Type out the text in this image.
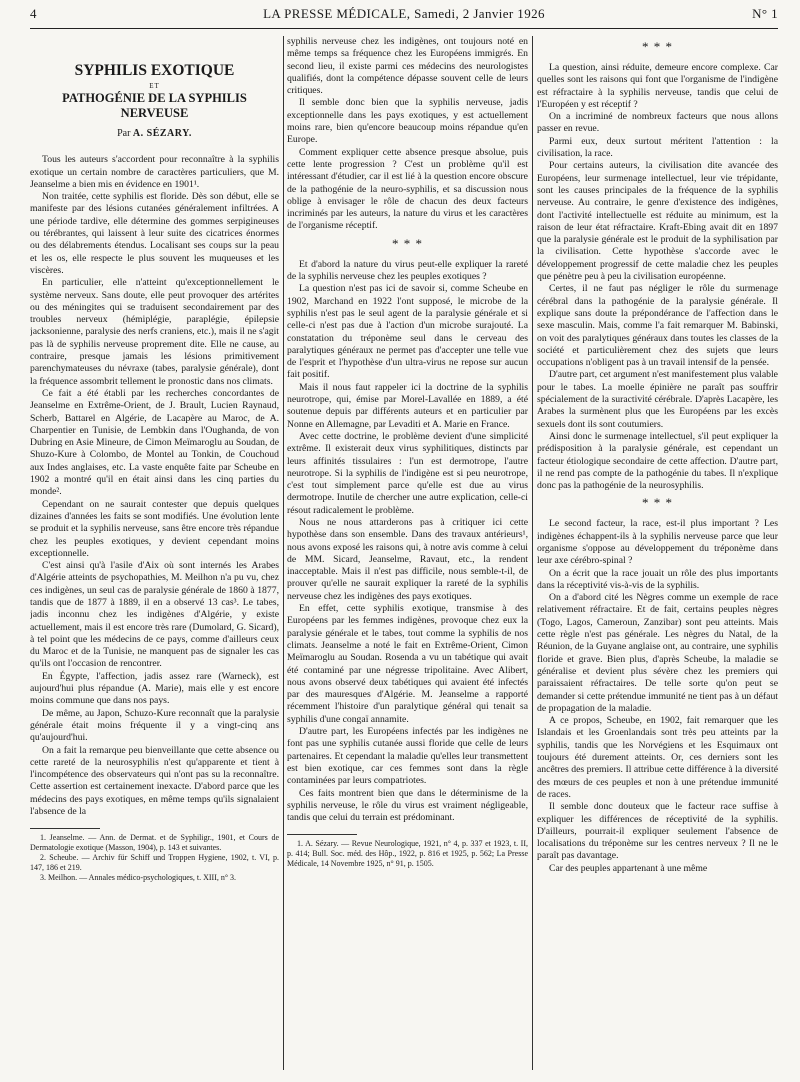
4	LA PRESSE MÉDICALE, Samedi, 2 Janvier 1926	N° 1
SYPHILIS EXOTIQUE
ET
PATHOGÉNIE DE LA SYPHILIS NERVEUSE
Par A. SÉZARY.

Tous les auteurs s'accordent pour reconnaître à la syphilis exotique un certain nombre de caractères particuliers, que M. Jeanselme a bien mis en évidence en 1901¹.

Non traitée, cette syphilis est floride. Dès son début, elle se manifeste par des lésions cutanées généralement infiltrées. A une période tardive, elle détermine des gommes serpigineuses ou térébrantes, qui laissent à leur suite des cicatrices énormes ou des délabrements étendus. Localisant ses coups sur la peau et les os, elle respecte le plus souvent les muqueuses et les viscères.

En particulier, elle n'atteint qu'exceptionnellement le système nerveux. Sans doute, elle peut provoquer des artérites ou des méningites qui se traduisent secondairement par des troubles nerveux (hémiplégie, paraplégie, épilepsie jacksonienne, paralysie des nerfs craniens, etc.), mais il ne s'agit pas là de syphilis nerveuse proprement dite. Elle ne cause, au contraire, presque jamais les lésions primitivement parenchymateuses du névraxe (tabes, paralysie générale), dont la fréquence assombrit tellement le pronostic dans nos climats.

Ce fait a été établi par les recherches concordantes de Jeanselme en Extrême-Orient, de J. Brault, Lucien Raynaud, Scherb, Battarel en Algérie, de Lacapère au Maroc, de A. Charpentier en Tunisie, de Lembkin dans l'Oughanda, de von Dubring en Asie Mineure, de Cimon Meïmaroglu au Soudan, de Shuzo-Kure à Colombo, de Montel au Tonkin, de Couchoud aux Indes anglaises, etc. La vaste enquête faite par Scheube en 1902 a montré qu'il en était ainsi dans les cinq parties du monde².

Cependant on ne saurait contester que depuis quelques dizaines d'années les faits se sont modifiés. Une évolution lente se produit et la syphilis nerveuse, sans être encore très répandue chez les peuples exotiques, y devient cependant moins exceptionnelle.

C'est ainsi qu'à l'asile d'Aix où sont internés les Arabes d'Algérie atteints de psychopathies, M. Meilhon n'a pu vu, chez ces indigènes, un seul cas de paralysie générale de 1860 à 1877, tandis que de 1877 à 1889, il en a observé 13 cas³. Le tabes, jadis inconnu chez les indigènes d'Algérie, y existe actuellement, mais il est encore très rare (Dumolard, G. Sicard), à tel point que les médecins de ce pays, comme d'ailleurs ceux du Maroc et de la Tunisie, ne manquent pas de signaler les cas qu'ils ont l'occasion de rencontrer.

En Égypte, l'affection, jadis assez rare (Warneck), est aujourd'hui plus répandue (A. Marie), mais elle y est encore moins commune que dans nos pays.

De même, au Japon, Schuzo-Kure reconnaît que la paralysie générale était moins fréquente il y a vingt-cinq ans qu'aujourd'hui.

On a fait la remarque peu bienveillante que cette absence ou cette rareté de la neurosyphilis n'est qu'apparente et tient à l'incompétence des observateurs qui n'ont pas su la reconnaître. Cette assertion est certainement inexacte. D'abord parce que les médecins des pays exotiques, en même temps qu'ils signalaient l'absence de la

1. Jeanselme. — Ann. de Dermat. et de Syphiligr., 1901, et Cours de Dermatologie exotique (Masson, 1904), p. 143 et suivantes.

2. Scheube. — Archiv für Schiff und Troppen Hygiene, 1902, t. VI, p. 147, 186 et 219.

3. Meilhon. — Annales médico-psychologiques, t. XIII, n° 3.

syphilis nerveuse chez les indigènes, ont toujours noté en même temps sa fréquence chez les Européens immigrés. En second lieu, il existe parmi ces médecins des neurologistes qualifiés, dont la compétence dépasse souvent celle de leurs critiques.

Il semble donc bien que la syphilis nerveuse, jadis exceptionnelle dans les pays exotiques, y est actuellement moins rare, bien qu'encore beaucoup moins répandue qu'en Europe.

Comment expliquer cette absence presque absolue, puis cette lente progression ? C'est un problème qu'il est intéressant d'étudier, car il est lié à la question encore obscure de la pathogénie de la neuro-syphilis, et sa discussion nous oblige à envisager le rôle de chacun des deux facteurs incriminés par les auteurs, la nature du virus et les caractères de l'organisme réceptif.

* * *

Et d'abord la nature du virus peut-elle expliquer la rareté de la syphilis nerveuse chez les peuples exotiques ?

La question n'est pas ici de savoir si, comme Scheube en 1902, Marchand en 1922 l'ont supposé, le microbe de la syphilis n'est pas le seul agent de la paralysie générale et si celle-ci n'est pas due à l'action d'un microbe surajouté. La constatation du tréponème seul dans le cerveau des paralytiques généraux ne permet pas d'accepter une telle vue de l'esprit et l'hypothèse d'un ultra-virus ne repose sur aucun fait positif.

Mais il nous faut rappeler ici la doctrine de la syphilis neurotrope, qui, émise par Morel-Lavallée en 1889, a été soutenue depuis par différents auteurs et en particulier par Nonne en Allemagne, par Levaditi et A. Marie en France.

Avec cette doctrine, le problème devient d'une simplicité extrême. Il existerait deux virus syphilitiques, distincts par leurs affinités tissulaires : l'un est dermotrope, l'autre neurotrope. Si la syphilis de l'indigène est si peu neurotrope, c'est tout simplement parce qu'elle est due au virus dermotrope. Inutile de chercher une autre explication, celle-ci résout radicalement le problème.

Nous ne nous attarderons pas à critiquer ici cette hypothèse dans son ensemble. Dans des travaux antérieurs¹, nous avons exposé les raisons qui, à notre avis comme à celui de MM. Sicard, Jeanselme, Ravaut, etc., la rendent inacceptable. Mais il n'est pas difficile, nous semble-t-il, de prouver qu'elle ne saurait expliquer la rareté de la syphilis nerveuse chez les indigènes des pays exotiques.

En effet, cette syphilis exotique, transmise à des Européens par les femmes indigènes, provoque chez eux la paralysie générale et le tabes, tout comme la syphilis de nos climats. Jeanselme a noté le fait en Extrême-Orient, Cimon Meïmaroglu au Soudan. Rosenda a vu un tabétique qui avait été contaminé par une négresse tripolitaine. Avec Alibert, nous avons observé deux tabétiques qui avaient été infectés par des mauresques d'Algérie. M. Jeanselme a rapporté récemment l'histoire d'un paralytique général qui tenait sa syphilis d'une congaï annamite.

D'autre part, les Européens infectés par les indigènes ne font pas une syphilis cutanée aussi floride que celle de leurs partenaires. Et cependant la maladie qu'elles leur transmettent est bien exotique, car ces femmes sont dans la règle contaminées par leurs compatriotes.

Ces faits montrent bien que dans le déterminisme de la syphilis nerveuse, le rôle du virus est vraiment négligeable, tandis que celui du terrain est prédominant.

1. A. Sézary. — Revue Neurologique, 1921, n° 4, p. 337 et 1923, t. II, p. 414; Bull. Soc. méd. des Hôp., 1922, p. 816 et 1925, p. 562; La Presse Médicale, 14 Novembre 1925, n° 91, p. 1505.

* * *

La question, ainsi réduite, demeure encore complexe. Car quelles sont les raisons qui font que l'organisme de l'indigène est réfractaire à la syphilis nerveuse, tandis que celui de l'Européen y est réceptif ?

On a incriminé de nombreux facteurs que nous allons passer en revue.

Parmi eux, deux surtout méritent l'attention : la civilisation, la race.

Pour certains auteurs, la civilisation dite avancée des Européens, leur surmenage intellectuel, leur vie trépidante, sont les causes principales de la fréquence de la syphilis nerveuse. Au contraire, le genre d'existence des indigènes, dont l'activité intellectuelle est réduite au minimum, est la raison de leur état réfractaire. Kraft-Ebing avait dit en 1897 que la paralysie générale est le produit de la syphilisation par la civilisation. Cette hypothèse s'accorde avec le développement progressif de cette maladie chez les peuples que pénètre peu à peu la civilisation européenne.

Certes, il ne faut pas négliger le rôle du surmenage cérébral dans la pathogénie de la paralysie générale. Il explique sans doute la prépondérance de l'affection dans le sexe masculin. Mais, comme l'a fait remarquer M. Babinski, on voit des paralytiques généraux dans toutes les classes de la société et particulièrement chez des sujets que leurs occupations n'obligent pas à un travail intensif de la pensée.

D'autre part, cet argument n'est manifestement plus valable pour le tabes. La moelle épinière ne paraît pas souffrir spécialement de la suractivité cérébrale. D'après Lacapère, les Arabes la surmènent plus que les Européens par les excès sexuels dont ils sont coutumiers.

Ainsi donc le surmenage intellectuel, s'il peut expliquer la prédisposition à la paralysie générale, est cependant un facteur étiologique secondaire de cette affection. D'autre part, il ne rend pas compte de la pathogénie du tabes. Il n'explique donc pas la pathogénie de la neurosyphilis.

* * *

Le second facteur, la race, est-il plus important ? Les indigènes échappent-ils à la syphilis nerveuse parce que leur organisme s'oppose au développement du tréponème dans leur axe cérébro-spinal ?

On a écrit que la race jouait un rôle des plus importants dans la réceptivité vis-à-vis de la syphilis.

On a d'abord cité les Nègres comme un exemple de race relativement réfractaire. Et de fait, certains peuples nègres (Togo, Lagos, Cameroun, Zanzibar) sont peu atteints. Mais cette règle n'est pas générale. Les nègres du Natal, de la Réunion, de la Guyane anglaise ont, au contraire, une syphilis floride et grave. Bien plus, d'après Scheube, la maladie se généralise et devient plus sévère chez les premiers qui paraissaient réfractaires. De telle sorte qu'on peut se demander si cette prétendue immunité ne tient pas à un défaut de propagation de la maladie.

A ce propos, Scheube, en 1902, fait remarquer que les Islandais et les Groenlandais sont très peu atteints par la syphilis, tandis que les Norvégiens et les Esquimaux ont toujours été durement atteints. Or, ces derniers sont les ancêtres des premiers. Il attribue cette différence à la diversité des mœurs de ces peuples et non à une prétendue immunité de races.

Il semble donc douteux que le facteur race suffise à expliquer les différences de réceptivité de la syphilis. D'ailleurs, pourrait-il expliquer seulement l'absence de localisations du tréponème sur les centres nerveux ? Il ne le paraît pas davantage.

Car des peuples appartenant à une même
